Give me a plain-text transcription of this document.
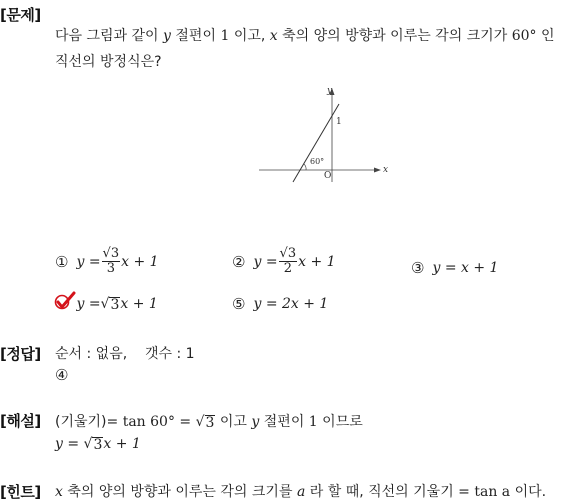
[문제]
다음 그림과 같이 y 절편이 1 이고, x 축의 양의 방향과 이루는 각의 크기가 60° 인
직선의 방정식은?
x
y
1
O
60°
① $y = \frac{√3}{3}$ x + 1	② $y = \frac{√3}{2}$ x + 1	③ y = x + 1
y = √ 3 x + 1	⑤ y = 2x + 1
[정답] 순서 : 없음, 갯수 : 1
④
[해설] (기울기)= tan 60° = √ 3 이고 y 절편이 1 이므로
y = √ 3 x + 1
[힌트] x 축의 양의 방향과 이루는 각의 크기를 a 라 할 때, 직선의 기울기 = tan a 이다.
